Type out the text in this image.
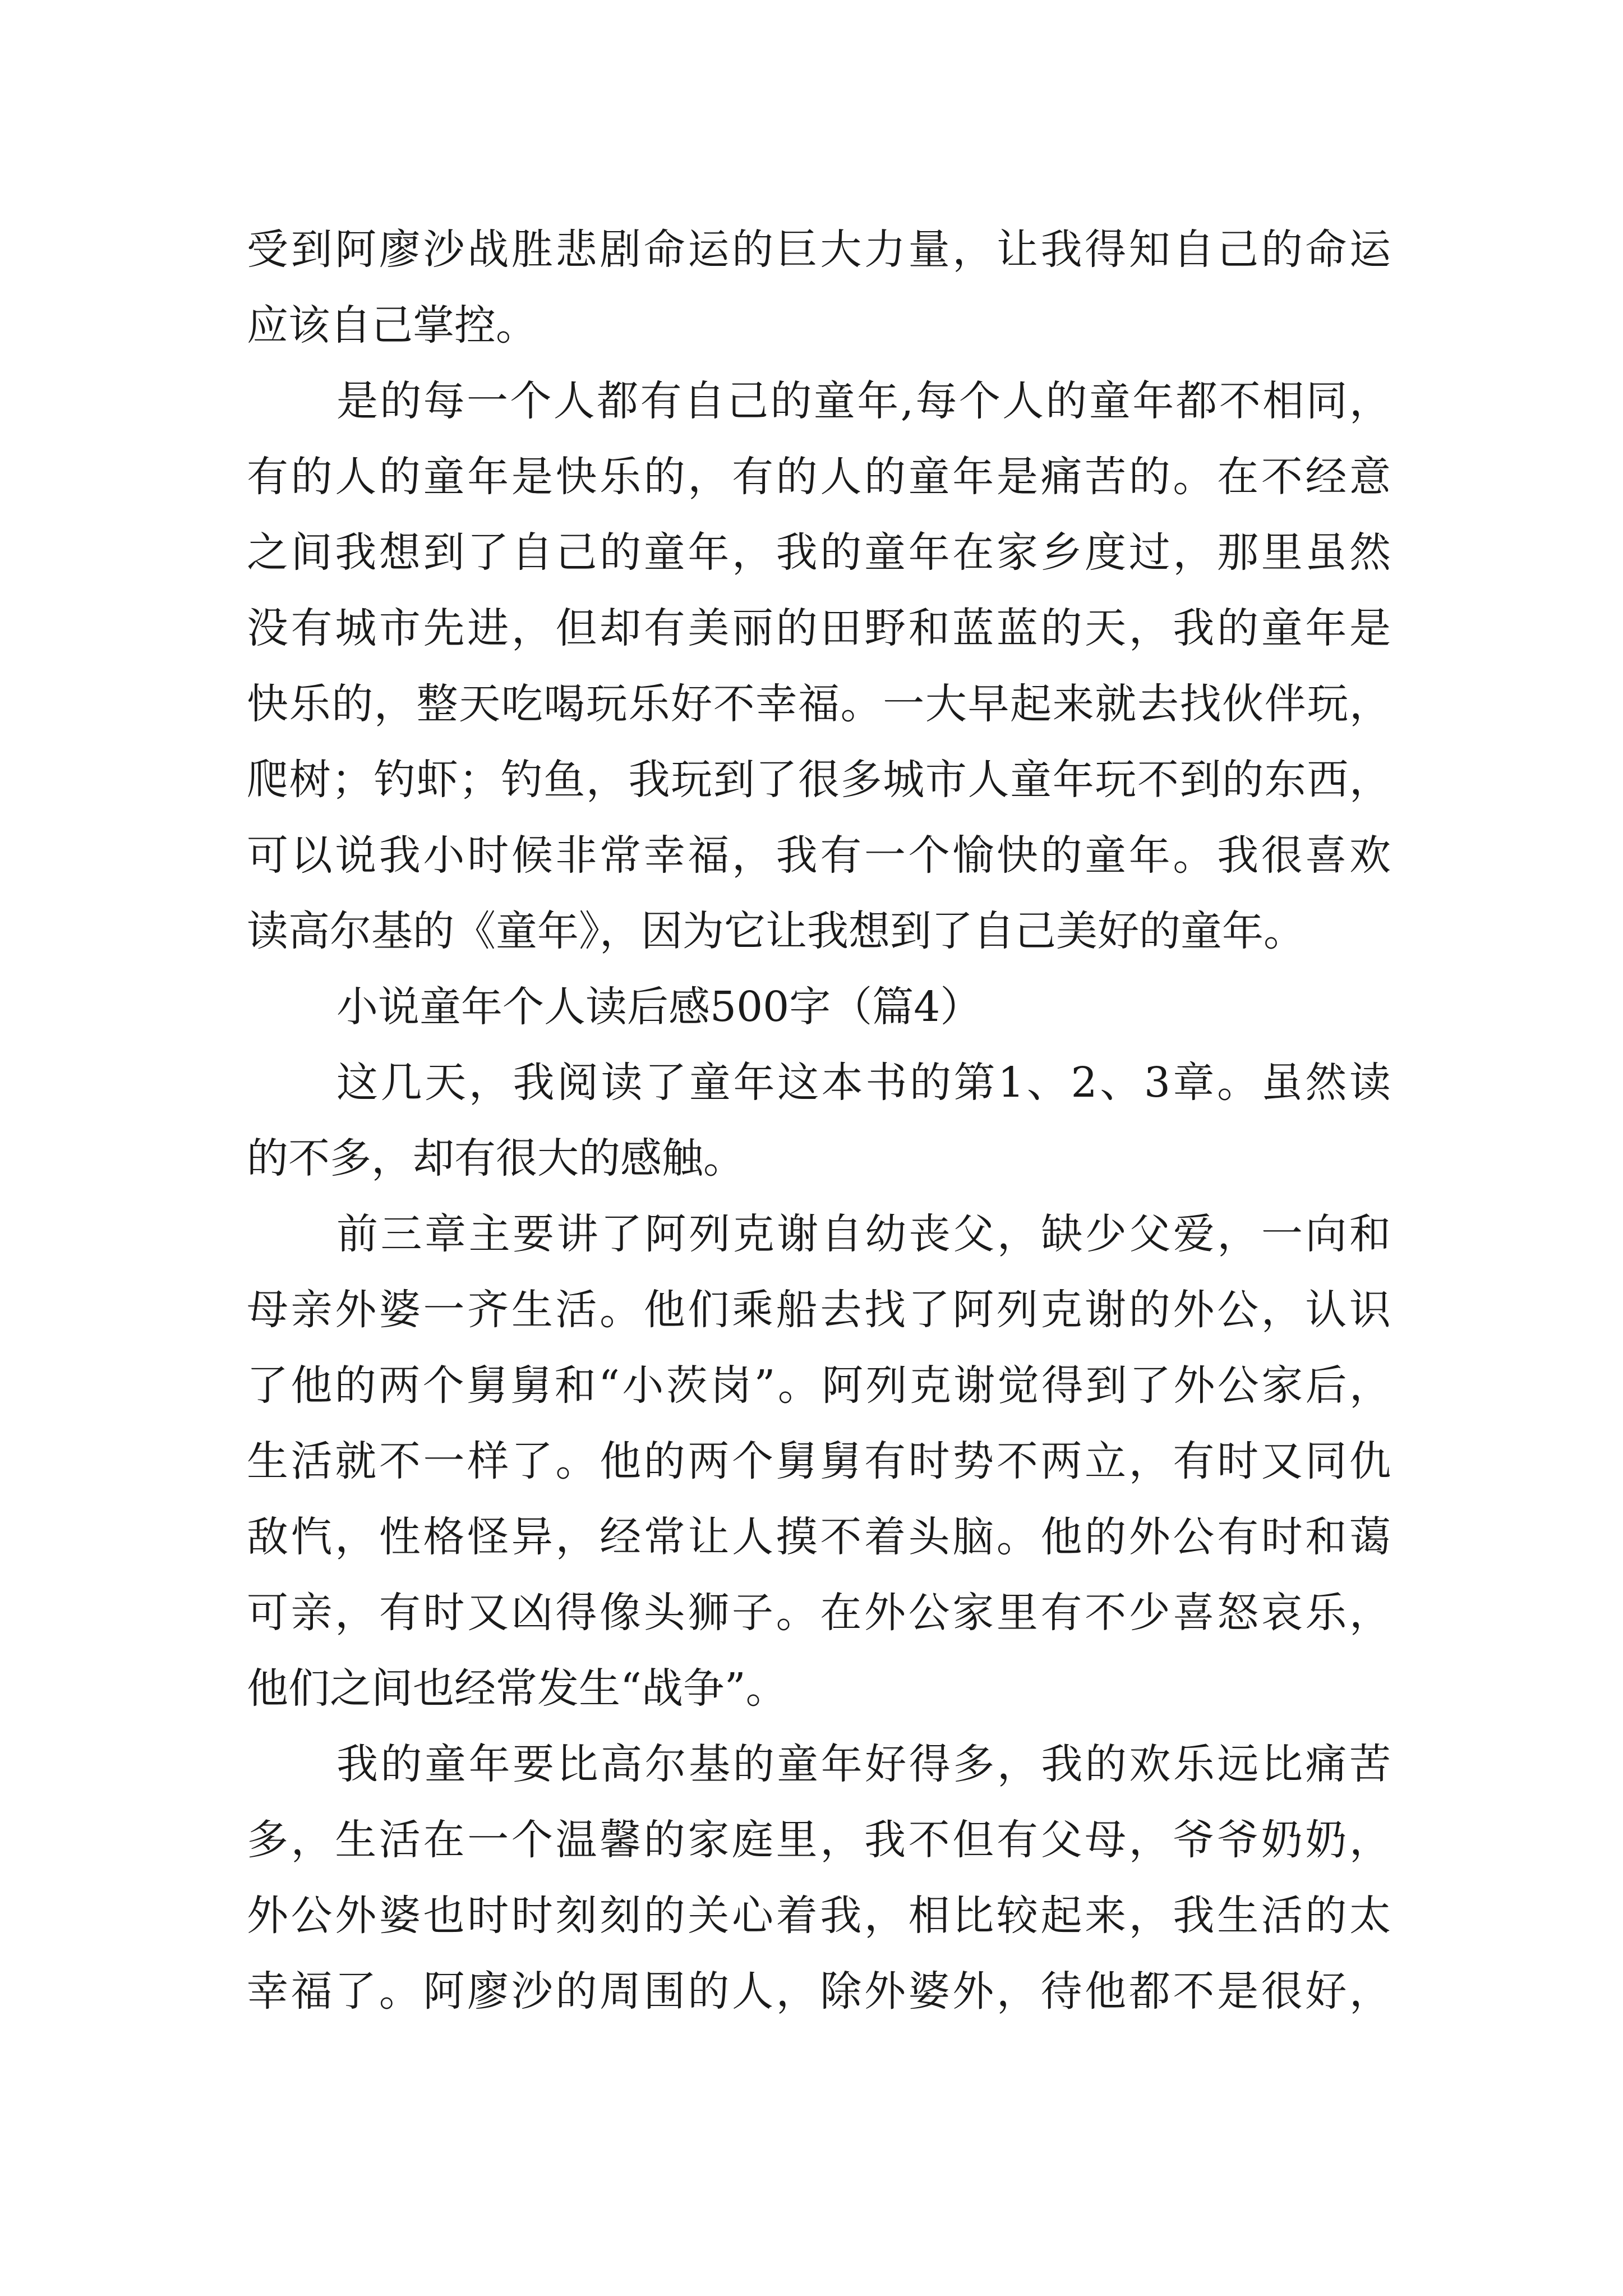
受到阿廖沙战胜悲剧命运的巨大力量，让我得知自己的命运
应该自己掌控。
是的每一个人都有自己的童年,每个人的童年都不相同，
有的人的童年是快乐的，有的人的童年是痛苦的。在不经意
之间我想到了自己的童年，我的童年在家乡度过，那里虽然
没有城市先进，但却有美丽的田野和蓝蓝的天，我的童年是
快乐的，整天吃喝玩乐好不幸福。一大早起来就去找伙伴玩，
爬树；钓虾；钓鱼，我玩到了很多城市人童年玩不到的东西，
可以说我小时候非常幸福，我有一个愉快的童年。我很喜欢
读高尔基的《童年》，因为它让我想到了自己美好的童年。
小说童年个人读后感500字（篇4）
这几天，我阅读了童年这本书的第1、2、3章。虽然读
的不多，却有很大的感触。
前三章主要讲了阿列克谢自幼丧父，缺少父爱，一向和
母亲外婆一齐生活。他们乘船去找了阿列克谢的外公，认识
了他的两个舅舅和“小茨岗”。阿列克谢觉得到了外公家后，
生活就不一样了。他的两个舅舅有时势不两立，有时又同仇
敌忾，性格怪异，经常让人摸不着头脑。他的外公有时和蔼
可亲，有时又凶得像头狮子。在外公家里有不少喜怒哀乐，
他们之间也经常发生“战争”。
我的童年要比高尔基的童年好得多，我的欢乐远比痛苦
多，生活在一个温馨的家庭里，我不但有父母，爷爷奶奶，
外公外婆也时时刻刻的关心着我，相比较起来，我生活的太
幸福了。阿廖沙的周围的人，除外婆外，待他都不是很好，
